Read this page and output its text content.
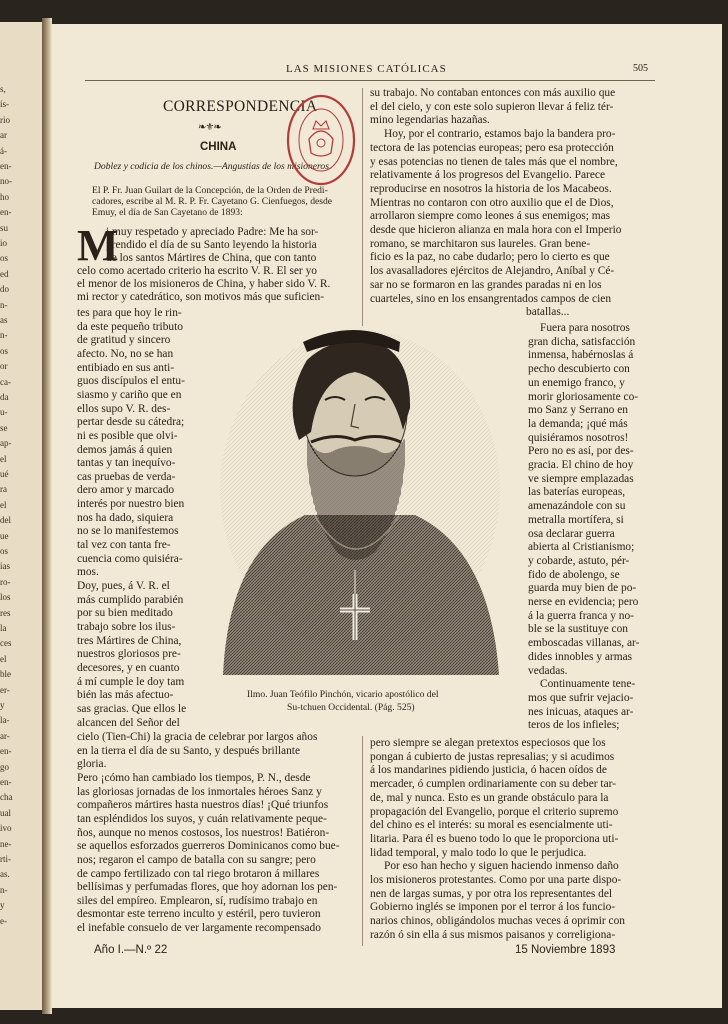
s,
ís-
rio
ar
á-
en-
no-
ho
en-
su
io
os
ed
do
n-
as
n-
os
or
ca-
da
u-
se
ap-
el
ué
ra
el
del
ue
os
ias
ro-
los
res
la
ces
el
ble
er-
y
la-
ar-
en-
go
en-
cha
ual
ivo
ne-
rti-
as.
n-
y
e-
LAS MISIONES CATÓLICAS	505
CORRESPONDENCIA
❧⚜❧
CHINA
Doblez y codicia de los chinos.—Angustias de los misioneros.
El P. Fr. Juan Guilart de la Concepción, de la Orden de Predi-
cadores, escribe al M. R. P. Fr. Cayetano G. Cienfuegos, desde
Emuy, el día de San Cayetano de 1893:
M
i muy respetado y apreciado Padre: Me ha sor-
prendido el día de su Santo leyendo la historia
de los santos Mártires de China, que con tanto
celo como acertado criterio ha escrito V. R. El ser yo
el menor de los misioneros de China, y haber sido V. R.
mi rector y catedrático, son motivos más que suficien-
tes para que hoy le rin-
da este pequeño tributo
de gratitud y sincero
afecto. No, no se han
entibiado en sus anti-
guos discípulos el entu-
siasmo y cariño que en
ellos supo V. R. des-
pertar desde su cátedra;
ni es posible que olvi-
demos jamás á quien
tantas y tan inequívo-
cas pruebas de verda-
dero amor y marcado
interés por nuestro bien
nos ha dado, siquiera
no se lo manifestemos
tal vez con tanta fre-
cuencia como quisiéra-
mos.
Doy, pues, á V. R. el
más cumplido parabién
por su bien meditado
trabajo sobre los ilus-
tres Mártires de China,
nuestros gloriosos pre-
decesores, y en cuanto
á mí cumple le doy tam
bién las más afectuo-
sas gracias. Que ellos le
alcancen del Señor del
cielo (Tien-Chi) la gracia de celebrar por largos años
en la tierra el día de su Santo, y después brillante
gloria.
Pero ¡cómo han cambiado los tiempos, P. N., desde
las gloriosas jornadas de los inmortales héroes Sanz y
compañeros mártires hasta nuestros días! ¡Qué triunfos
tan espléndidos los suyos, y cuán relativamente peque-
ños, aunque no menos costosos, los nuestros! Batiéron-
se aquellos esforzados guerreros Dominicanos como bue-
nos; regaron el campo de batalla con su sangre; pero
de campo fertilizado con tal riego brotaron á millares
bellísimas y perfumadas flores, que hoy adornan los pen-
siles del empíreo. Emplearon, sí, rudísimo trabajo en
desmontar este terreno inculto y estéril, pero tuvieron
el inefable consuelo de ver largamente recompensado
su trabajo. No contaban entonces con más auxilio que
el del cielo, y con este solo supieron llevar á feliz tér-
mino legendarias hazañas.
Hoy, por el contrario, estamos bajo la bandera pro-
tectora de las potencias europeas; pero esa protección
y esas potencias no tienen de tales más que el nombre,
relativamente á los progresos del Evangelio. Parece
reproducirse en nosotros la historia de los Macabeos.
Mientras no contaron con otro auxilio que el de Dios,
arrollaron siempre como leones á sus enemigos; mas
desde que hicieron alianza en mala hora con el Imperio
romano, se marchitaron sus laureles. Gran bene-
ficio es la paz, no cabe dudarlo; pero lo cierto es que
los avasalladores ejércitos de Alejandro, Aníbal y Cé-
sar no se formaron en las grandes paradas ni en los
cuarteles, sino en los ensangrentados campos de cien
batallas...
Fuera para nosotros
gran dicha, satisfacción
inmensa, habérnoslas á
pecho descubierto con
un enemigo franco, y
morir gloriosamente co-
mo Sanz y Serrano en
la demanda; ¡qué más
quisiéramos nosotros!
Pero no es así, por des-
gracia. El chino de hoy
ve siempre emplazadas
las baterías europeas,
amenazándole con su
metralla mortífera, si
osa declarar guerra
abierta al Cristianismo;
y cobarde, astuto, pér-
fido de abolengo, se
guarda muy bien de po-
nerse en evidencia; pero
á la guerra franca y no-
ble se la sustituye con
emboscadas villanas, ar-
dides innobles y armas
vedadas.
Continuamente tene-
mos que sufrir vejacio-
nes inicuas, ataques ar-
teros de los infieles;
pero siempre se alegan pretextos especiosos que los
pongan á cubierto de justas represalias; y si acudimos
á los mandarines pidiendo justicia, ó hacen oídos de
mercader, ó cumplen ordinariamente con su deber tar-
de, mal y nunca. Esto es un grande obstáculo para la
propagación del Evangelio, porque el criterio supremo
del chino es el interés: su moral es esencialmente uti-
litaria. Para él es bueno todo lo que le proporciona uti-
lidad temporal, y malo todo lo que le perjudica.
Por eso han hecho y siguen haciendo inmenso daño
los misioneros protestantes. Como por una parte dispo-
nen de largas sumas, y por otra los representantes del
Gobierno inglés se imponen por el terror á los funcio-
narios chinos, obligándolos muchas veces á oprimir con
razón ó sin ella á sus mismos paisanos y correligiona-
Ilmo. Juan Teófilo Pinchón, vicario apostólico del
Su-tchuen Occidental. (Pág. 525)
Año I.—N.º 22	15 Noviembre 1893
